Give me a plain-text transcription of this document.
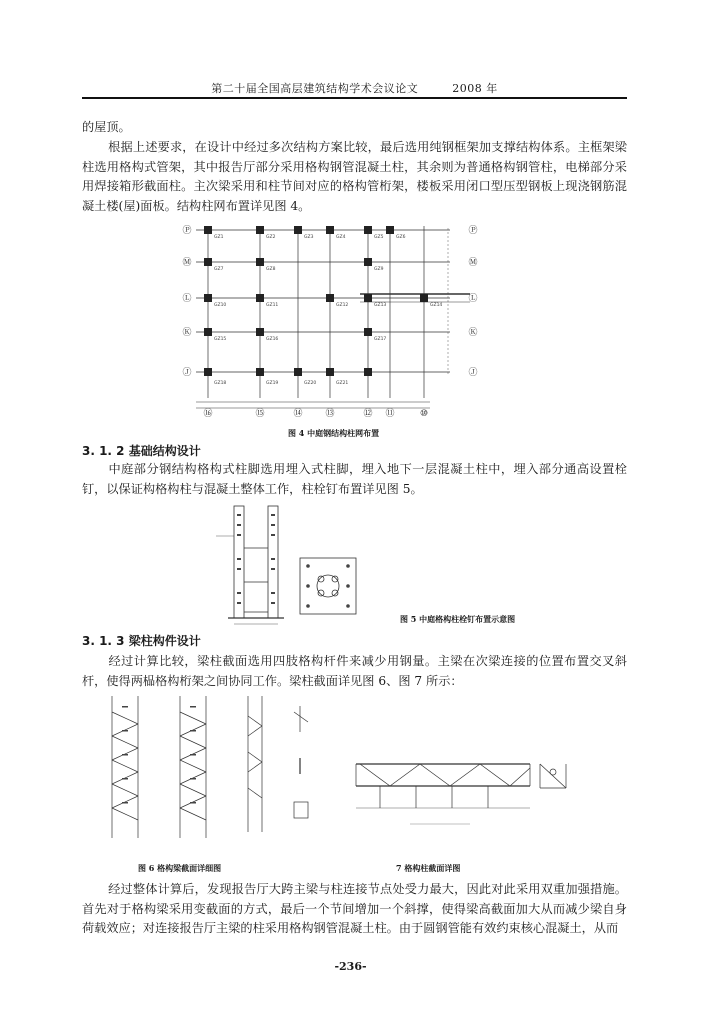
第二十届全国高层建筑结构学术会议论文	2008 年

的屋顶。

根据上述要求，在设计中经过多次结构方案比较，最后选用纯钢框架加支撑结构体系。主框架梁柱选用格构式管架，其中报告厅部分采用格构钢管混凝土柱，其余则为普通格构钢管柱，电梯部分采用焊接箱形截面柱。主次梁采用和柱节间对应的格构管桁架，楼板采用闭口型压型钢板上现浇钢筋混凝土楼(屋)面板。结构柱网布置详见图 4。

GZ1	GZ2	GZ3	GZ4	GZ5	GZ6
GZ7	GZ8	GZ9
GZ10	GZ11	GZ12	GZ13	GZ14
GZ15	GZ16	GZ17
GZ18	GZ19	GZ20	GZ21
Ⓟ
Ⓜ
Ⓛ
Ⓚ
Ⓙ
Ⓟ
Ⓜ
Ⓛ
Ⓚ
Ⓙ
⑯	⑮	⑭	⑬	⑫ ⑪	⑩
图 4 中庭钢结构柱网布置
3. 1. 2 基础结构设计

中庭部分钢结构格构式柱脚选用埋入式柱脚，埋入地下一层混凝土柱中，埋入部分通高设置栓钉，以保证构格构柱与混凝土整体工作，柱栓钉布置详见图 5。

图 5 中庭格构柱栓钉布置示意图
3. 1. 3 梁柱构件设计

经过计算比较，梁柱截面选用四肢格构杆件来减少用钢量。主梁在次梁连接的位置布置交叉斜杆，使得两榀格构桁架之间协同工作。梁柱截面详见图 6、图 7 所示：

图 6 格构梁截面详细图	7 格构柱截面详图

经过整体计算后，发现报告厅大跨主梁与柱连接节点处受力最大，因此对此采用双重加强措施。首先对于格构梁采用变截面的方式，最后一个节间增加一个斜撑，使得梁高截面加大从而减少梁自身荷载效应；对连接报告厅主梁的柱采用格构钢管混凝土柱。由于圆钢管能有效约束核心混凝土，从而

-236-
